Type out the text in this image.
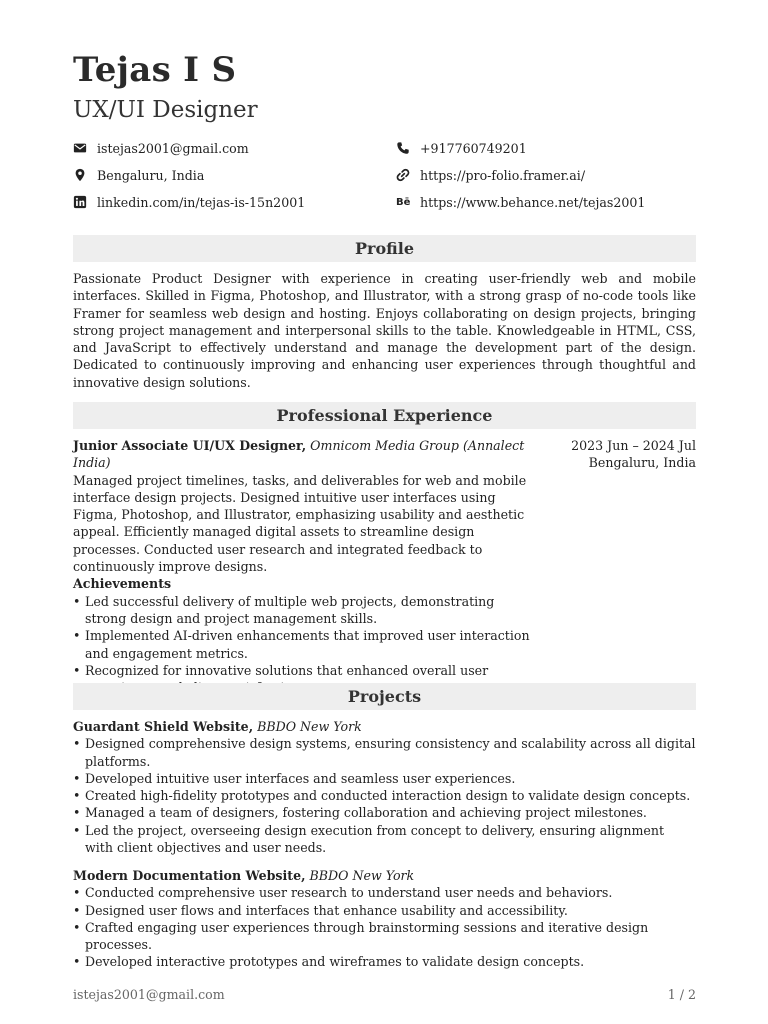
Tejas I S
UX/UI Designer
istejas2001@gmail.com	+917760749201
Bengaluru, India	https://pro-folio.framer.ai/
linkedin.com/in/tejas-is-15n2001	Bē https://www.behance.net/tejas2001
Profile
Passionate Product Designer with experience in creating user-friendly web and mobile interfaces. Skilled in Figma, Photoshop, and Illustrator, with a strong grasp of no-code tools like Framer for seamless web design and hosting. Enjoys collaborating on design projects, bringing strong project management and interpersonal skills to the table. Knowledgeable in HTML, CSS, and JavaScript to effectively understand and manage the development part of the design. Dedicated to continuously improving and enhancing user experiences through thoughtful and innovative design solutions.
Professional Experience
Junior Associate UI/UX Designer, Omnicom Media Group (Annalect India)
Managed project timelines, tasks, and deliverables for web and mobile interface design projects. Designed intuitive user interfaces using Figma, Photoshop, and Illustrator, emphasizing usability and aesthetic appeal. Efficiently managed digital assets to streamline design processes. Conducted user research and integrated feedback to continuously improve designs.
Achievements
• Led successful delivery of multiple web projects, demonstrating strong design and project management skills.
• Implemented AI-driven enhancements that improved user interaction and engagement metrics.
• Recognized for innovative solutions that enhanced overall user
2023 Jun – 2024 Jul
Bengaluru, India
Projects
Guardant Shield Website, BBDO New York
• Designed comprehensive design systems, ensuring consistency and scalability across all digital platforms.
• Developed intuitive user interfaces and seamless user experiences.
• Created high-fidelity prototypes and conducted interaction design to validate design concepts.
• Managed a team of designers, fostering collaboration and achieving project milestones.
• Led the project, overseeing design execution from concept to delivery, ensuring alignment with client objectives and user needs.
Modern Documentation Website, BBDO New York
• Conducted comprehensive user research to understand user needs and behaviors.
• Designed user flows and interfaces that enhance usability and accessibility.
• Crafted engaging user experiences through brainstorming sessions and iterative design processes.
• Developed interactive prototypes and wireframes to validate design concepts.
istejas2001@gmail.com	1 / 2
